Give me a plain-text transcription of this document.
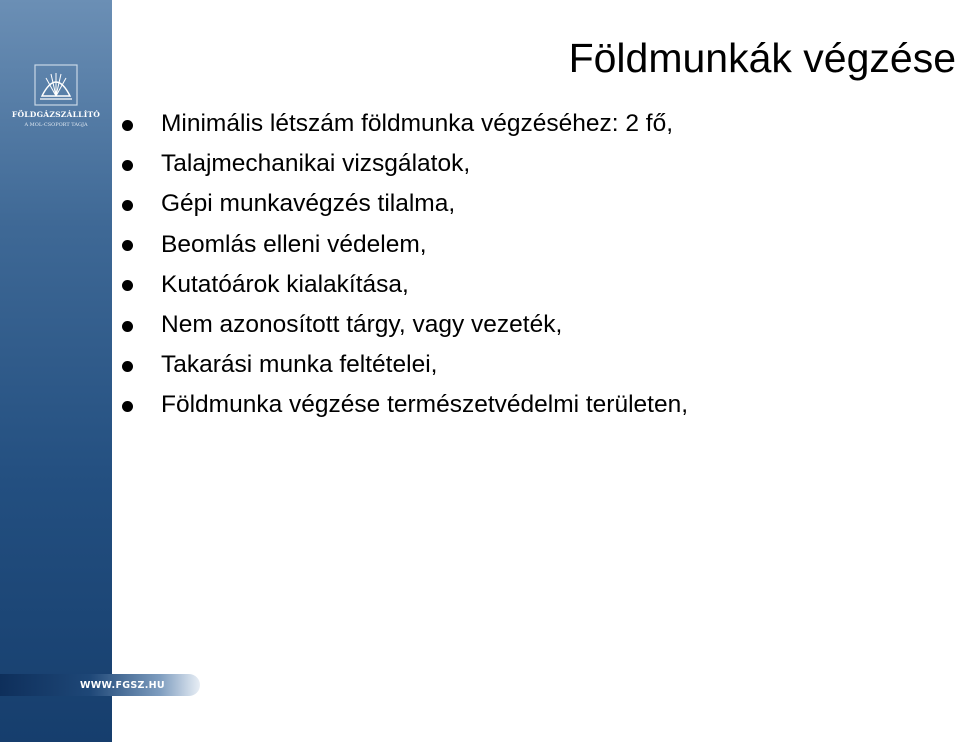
FÖLDGÁZSZÁLLÍTÓ
A MOL-CSOPORT TAGJA
WWW.FGSZ.HU
Földmunkák végzése
Minimális létszám földmunka végzéséhez: 2 fő,
Talajmechanikai vizsgálatok,
Gépi munkavégzés tilalma,
Beomlás elleni védelem,
Kutatóárok kialakítása,
Nem azonosított tárgy, vagy vezeték,
Takarási munka feltételei,
Földmunka végzése természetvédelmi területen,
